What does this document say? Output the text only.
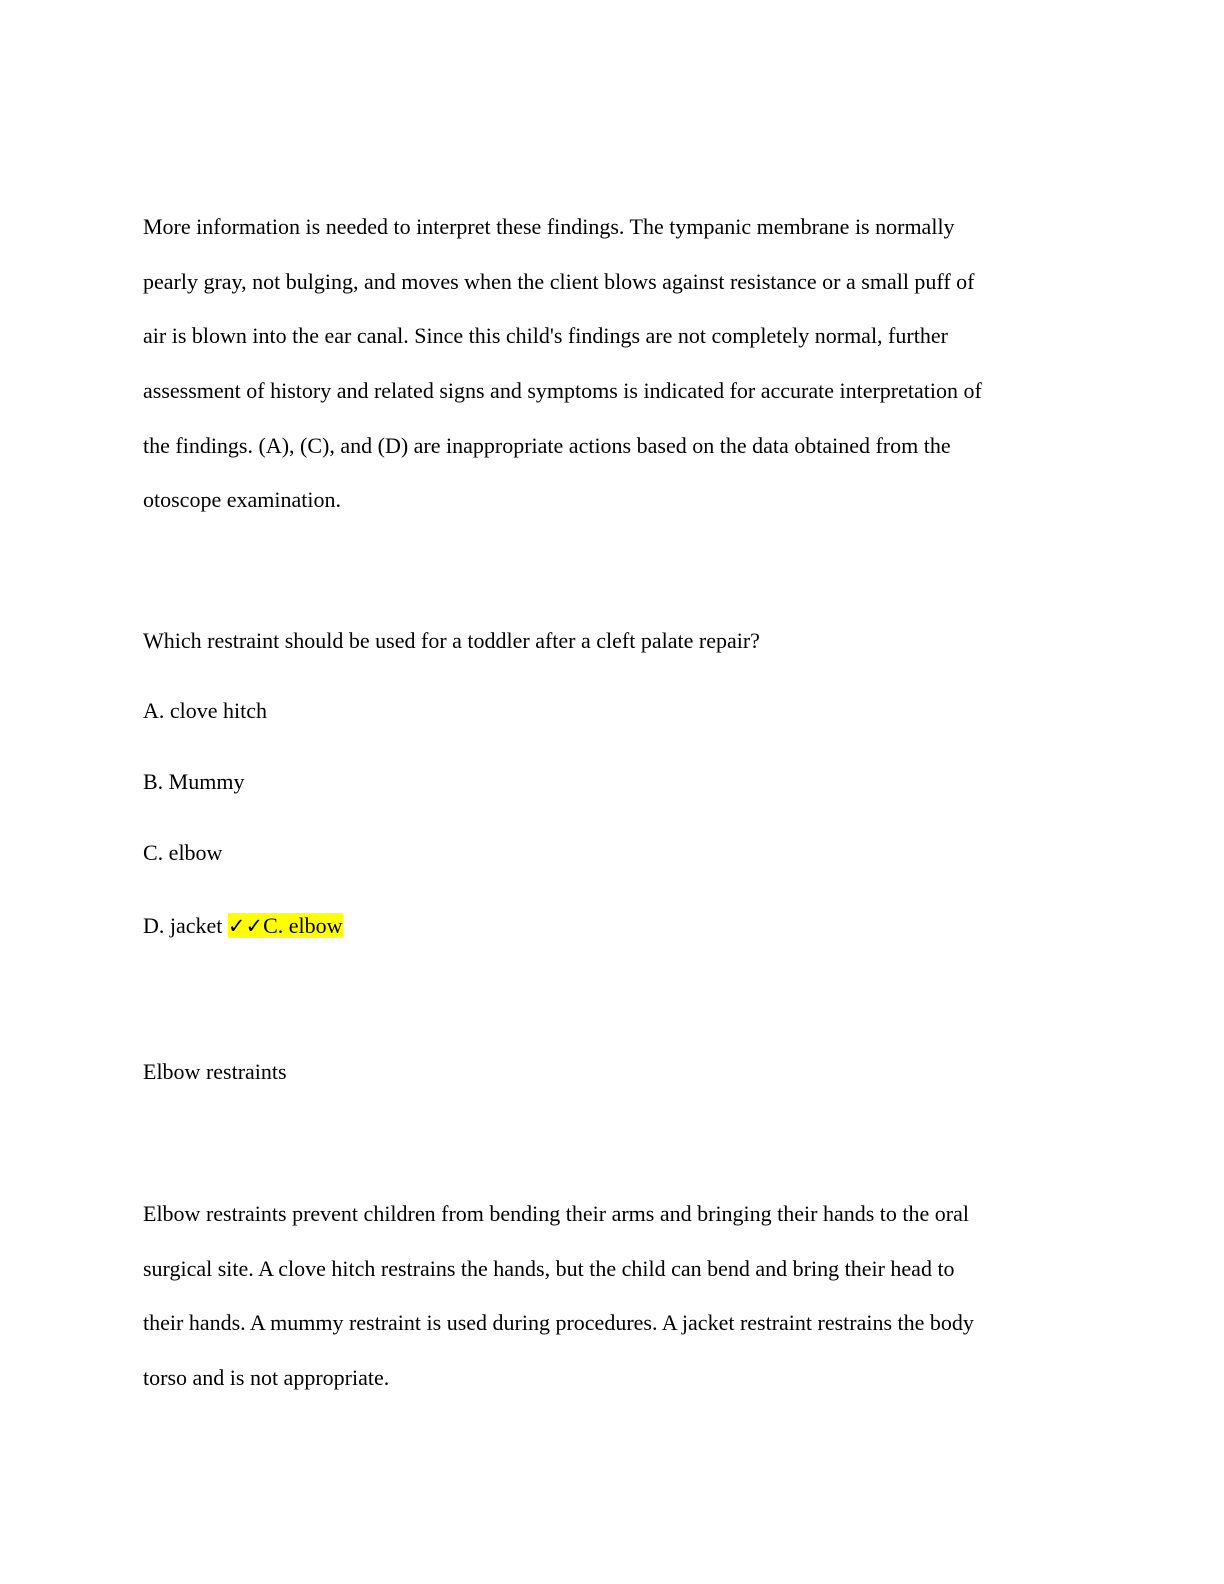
More information is needed to interpret these findings. The tympanic membrane is normally
pearly gray, not bulging, and moves when the client blows against resistance or a small puff of
air is blown into the ear canal. Since this child's findings are not completely normal, further
assessment of history and related signs and symptoms is indicated for accurate interpretation of
the findings. (A), (C), and (D) are inappropriate actions based on the data obtained from the
otoscope examination.
Which restraint should be used for a toddler after a cleft palate repair?
A. clove hitch
B. Mummy
C. elbow
D. jacket ✓✓C. elbow
Elbow restraints
Elbow restraints prevent children from bending their arms and bringing their hands to the oral
surgical site. A clove hitch restrains the hands, but the child can bend and bring their head to
their hands. A mummy restraint is used during procedures. A jacket restraint restrains the body
torso and is not appropriate.
